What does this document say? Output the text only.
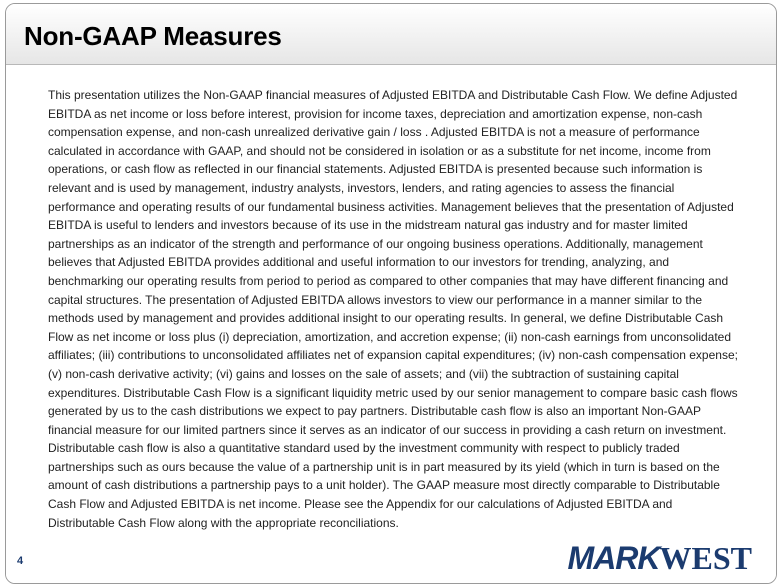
Non-GAAP Measures
This presentation utilizes the Non-GAAP financial measures of Adjusted EBITDA and Distributable Cash Flow. We define Adjusted EBITDA as net income or loss before interest, provision for income taxes, depreciation and amortization expense, non-cash compensation expense, and non-cash unrealized derivative gain / loss . Adjusted EBITDA is not a measure of performance calculated in accordance with GAAP, and should not be considered in isolation or as a substitute for net income, income from operations, or cash flow as reflected in our financial statements. Adjusted EBITDA is presented because such information is relevant and is used by management, industry analysts, investors, lenders, and rating agencies to assess the financial performance and operating results of our fundamental business activities. Management believes that the presentation of Adjusted EBITDA is useful to lenders and investors because of its use in the midstream natural gas industry and for master limited partnerships as an indicator of the strength and performance of our ongoing business operations. Additionally, management believes that Adjusted EBITDA provides additional and useful information to our investors for trending, analyzing, and benchmarking our operating results from period to period as compared to other companies that may have different financing and capital structures. The presentation of Adjusted EBITDA allows investors to view our performance in a manner similar to the methods used by management and provides additional insight to our operating results. In general, we define Distributable Cash Flow as net income or loss plus (i) depreciation, amortization, and accretion expense; (ii) non-cash earnings from unconsolidated affiliates; (iii) contributions to unconsolidated affiliates net of expansion capital expenditures; (iv) non-cash compensation expense; (v) non-cash derivative activity; (vi) gains and losses on the sale of assets; and (vii) the subtraction of sustaining capital expenditures. Distributable Cash Flow is a significant liquidity metric used by our senior management to compare basic cash flows generated by us to the cash distributions we expect to pay partners. Distributable cash flow is also an important Non-GAAP financial measure for our limited partners since it serves as an indicator of our success in providing a cash return on investment. Distributable cash flow is also a quantitative standard used by the investment community with respect to publicly traded partnerships such as ours because the value of a partnership unit is in part measured by its yield (which in turn is based on the amount of cash distributions a partnership pays to a unit holder). The GAAP measure most directly comparable to Distributable Cash Flow and Adjusted EBITDA is net income. Please see the Appendix for our calculations of Adjusted EBITDA and Distributable Cash Flow along with the appropriate reconciliations.
4	MARKWEST
